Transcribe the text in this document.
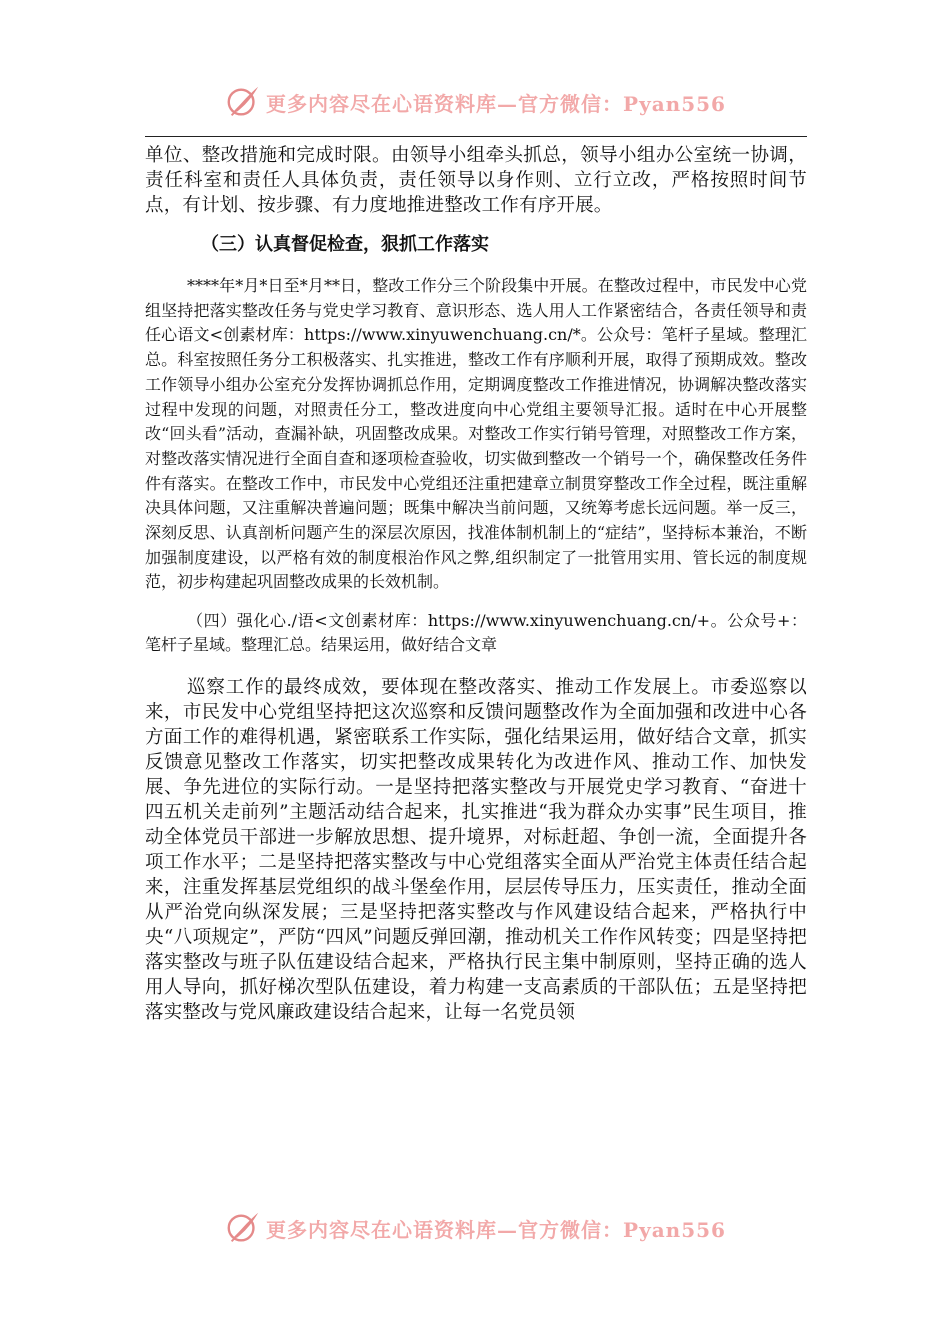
更多内容尽在心语资料库—官方微信：Pyan556

单位、整改措施和完成时限。由领导小组牵头抓总，领导小组办公室统一协调，责任科室和责任人具体负责，责任领导以身作则、立行立改，严格按照时间节点，有计划、按步骤、有力度地推进整改工作有序开展。

（三）认真督促检查，狠抓工作落实

****年*月*日至*月**日，整改工作分三个阶段集中开展。在整改过程中，市民发中心党组坚持把落实整改任务与党史学习教育、意识形态、选人用人工作紧密结合，各责任领导和责任心语文<创素材库：https://www.xinyuwenchuang.cn/*。公众号：笔杆子星域。整理汇总。科室按照任务分工积极落实、扎实推进，整改工作有序顺利开展，取得了预期成效。整改工作领导小组办公室充分发挥协调抓总作用，定期调度整改工作推进情况，协调解决整改落实过程中发现的问题，对照责任分工，整改进度向中心党组主要领导汇报。适时在中心开展整改“回头看”活动，查漏补缺，巩固整改成果。对整改工作实行销号管理，对照整改工作方案，对整改落实情况进行全面自查和逐项检查验收，切实做到整改一个销号一个，确保整改任务件件有落实。在整改工作中，市民发中心党组还注重把建章立制贯穿整改工作全过程，既注重解决具体问题，又注重解决普遍问题；既集中解决当前问题，又统筹考虑长远问题。举一反三，深刻反思、认真剖析问题产生的深层次原因，找准体制机制上的“症结”，坚持标本兼治，不断加强制度建设，以严格有效的制度根治作风之弊,组织制定了一批管用实用、管长远的制度规范，初步构建起巩固整改成果的长效机制。

（四）强化心./语<文创素材库：https://www.xinyuwenchuang.cn/+。公众号+：笔杆子星域。整理汇总。结果运用，做好结合文章

巡察工作的最终成效，要体现在整改落实、推动工作发展上。市委巡察以来，市民发中心党组坚持把这次巡察和反馈问题整改作为全面加强和改进中心各方面工作的难得机遇，紧密联系工作实际，强化结果运用，做好结合文章，抓实反馈意见整改工作落实，切实把整改成果转化为改进作风、推动工作、加快发展、争先进位的实际行动。一是坚持把落实整改与开展党史学习教育、“奋进十四五机关走前列”主题活动结合起来，扎实推进“我为群众办实事”民生项目，推动全体党员干部进一步解放思想、提升境界，对标赶超、争创一流，全面提升各项工作水平；二是坚持把落实整改与中心党组落实全面从严治党主体责任结合起来，注重发挥基层党组织的战斗堡垒作用，层层传导压力，压实责任，推动全面从严治党向纵深发展；三是坚持把落实整改与作风建设结合起来，严格执行中央“八项规定”，严防“四风”问题反弹回潮，推动机关工作作风转变；四是坚持把落实整改与班子队伍建设结合起来，严格执行民主集中制原则，坚持正确的选人用人导向，抓好梯次型队伍建设，着力构建一支高素质的干部队伍；五是坚持把落实整改与党风廉政建设结合起来，让每一名党员领

更多内容尽在心语资料库—官方微信：Pyan556
